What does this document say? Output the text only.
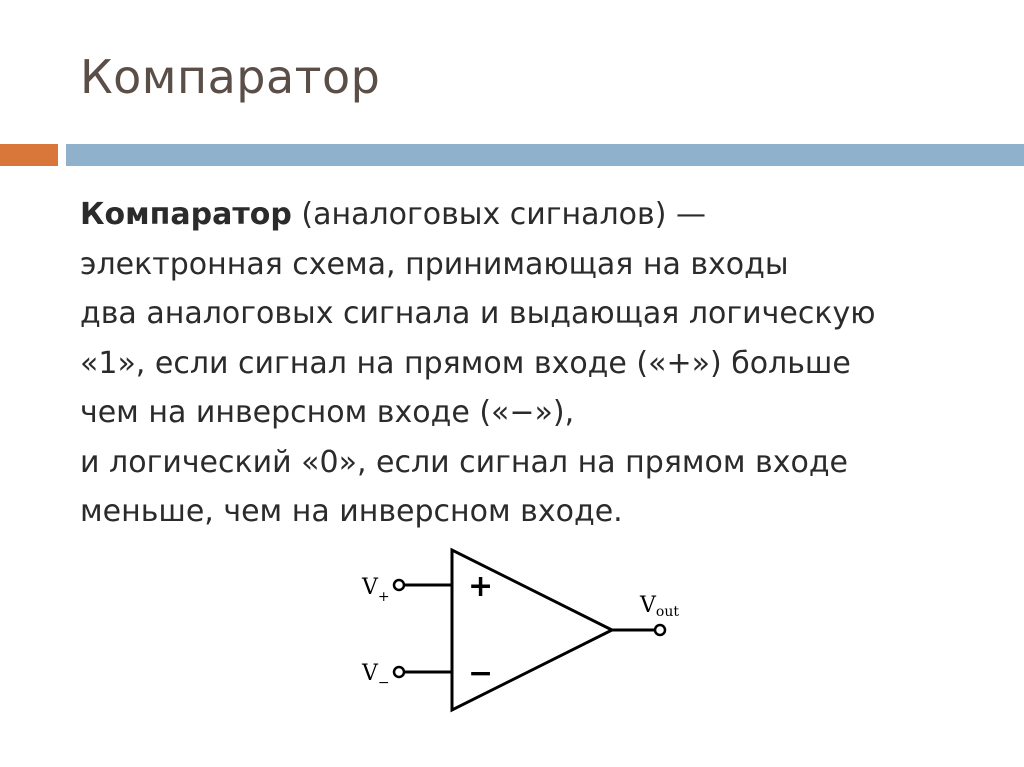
Компаратор

Компаратор (аналоговых сигналов) —

электронная схема, принимающая на входы

два аналоговых сигнала и выдающая логическую

«1», если сигнал на прямом входе («+») больше

чем на инверсном входе («−»),

и логический «0», если сигнал на прямом входе

меньше, чем на инверсном входе.

+
−
$V_+$
$V_-$
Vout
